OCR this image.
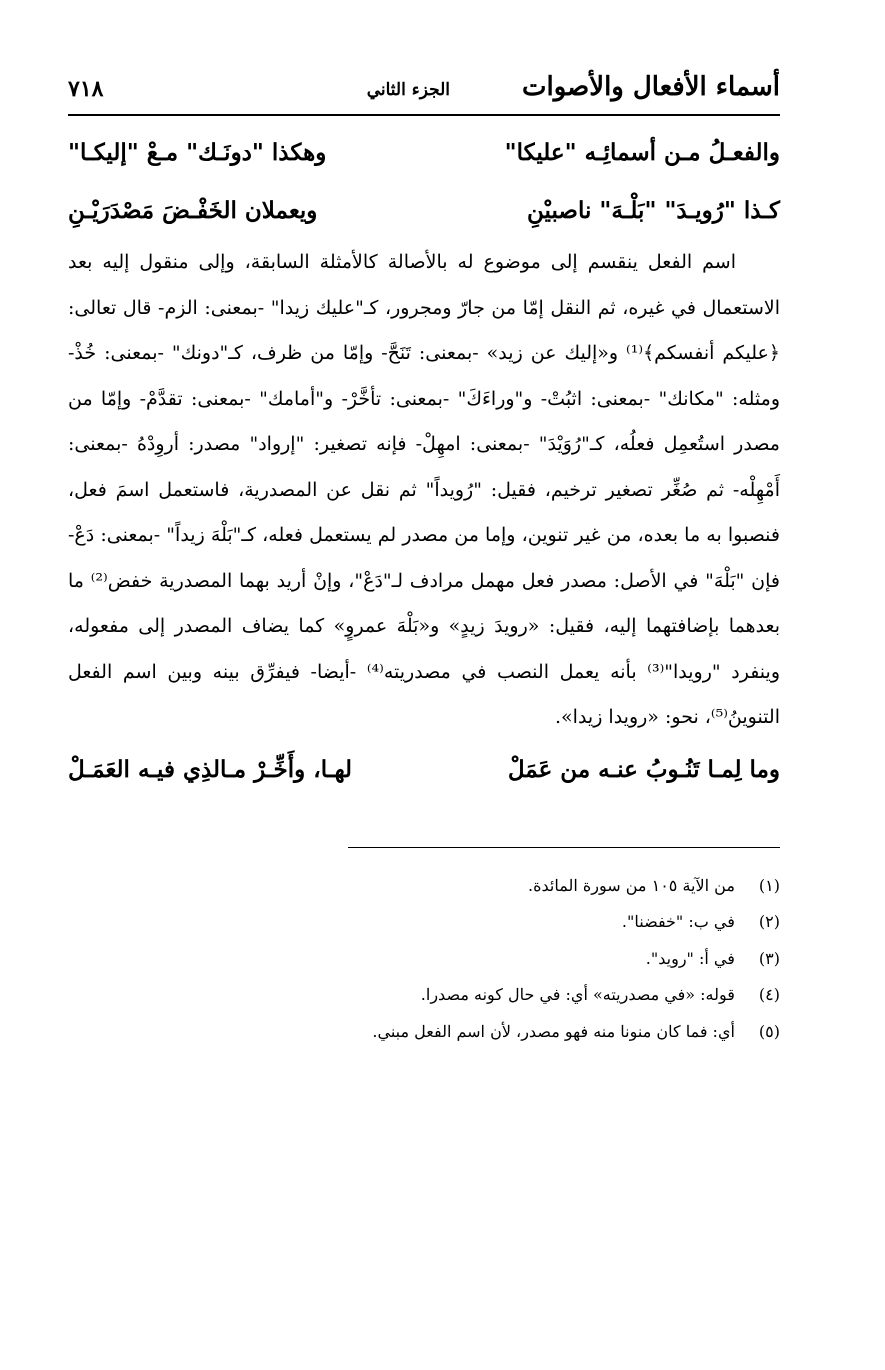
أسماء الأفعال والأصوات
الجزء الثاني
٧١٨
والفعـلُ مـن أسمائِـه "عليكا"
وهكذا "دونَـك" مـعْ "إليكـا"
كـذا "رُويـدَ" "بَلْـهَ" ناصبيْنِ
ويعملان الخَفْـضَ مَصْدَرَيْـنِ

اسم الفعل ينقسم إلى موضوع له بالأصالة كالأمثلة السابقة، وإلى منقول إليه بعد الاستعمال في غيره، ثم النقل إمّا من جارّ ومجرور، كـ"عليك زيدا" -بمعنى: الزم- قال تعالى: ﴿عليكم أنفسكم﴾⁽¹⁾ و«إليك عن زيد» -بمعنى: تَنَحَّ- وإمّا من ظرف، كـ"دونك" -بمعنى: خُذْ- ومثله: "مكانك" -بمعنى: اثبُتْ- و"وراءَكَ" -بمعنى: تأخَّرْ- و"أمامك" -بمعنى: تقدَّمْ- وإمّا من مصدر استُعمِل فعلُه، كـ"رُوَيْدَ" -بمعنى: امهِلْ- فإنه تصغير: "إرواد" مصدر: أروِدْهُ -بمعنى: أَمْهِلْه- ثم صُغِّر تصغير ترخيم، فقيل: "رُويداً" ثم نقل عن المصدرية، فاستعمل اسمَ فعل، فنصبوا به ما بعده، من غير تنوين، وإما من مصدر لم يستعمل فعله، كـ"بَلْهَ زيداً" -بمعنى: دَعْ- فإن "بَلْهَ" في الأصل: مصدر فعل مهمل مرادف لـ"دَعْ"، وإنْ أريد بهما المصدرية خفض⁽²⁾ ما بعدهما بإضافتهما إليه، فقيل: «رويدَ زيدٍ» و«بَلْهَ عمروٍ» كما يضاف المصدر إلى مفعوله، وينفرد "رويدا"⁽³⁾ بأنه يعمل النصب في مصدريته⁽⁴⁾ -أيضا- فيفرِّق بينه وبين اسم الفعل التنوينُ⁽⁵⁾، نحو: «رويدا زيدا».

وما لِمـا تَنُـوبُ عنـه من عَمَلْ
لهـا، وأَخِّـرْ مـالذِي فيـه العَمَـلْ
(١) من الآية ١٠٥ من سورة المائدة.
(٢) في ب: "خفضنا".
(٣) في أ: "رويد".
(٤) قوله: «في مصدريته» أي: في حال كونه مصدرا.
(٥) أي: فما كان منونا منه فهو مصدر، لأن اسم الفعل مبني.
